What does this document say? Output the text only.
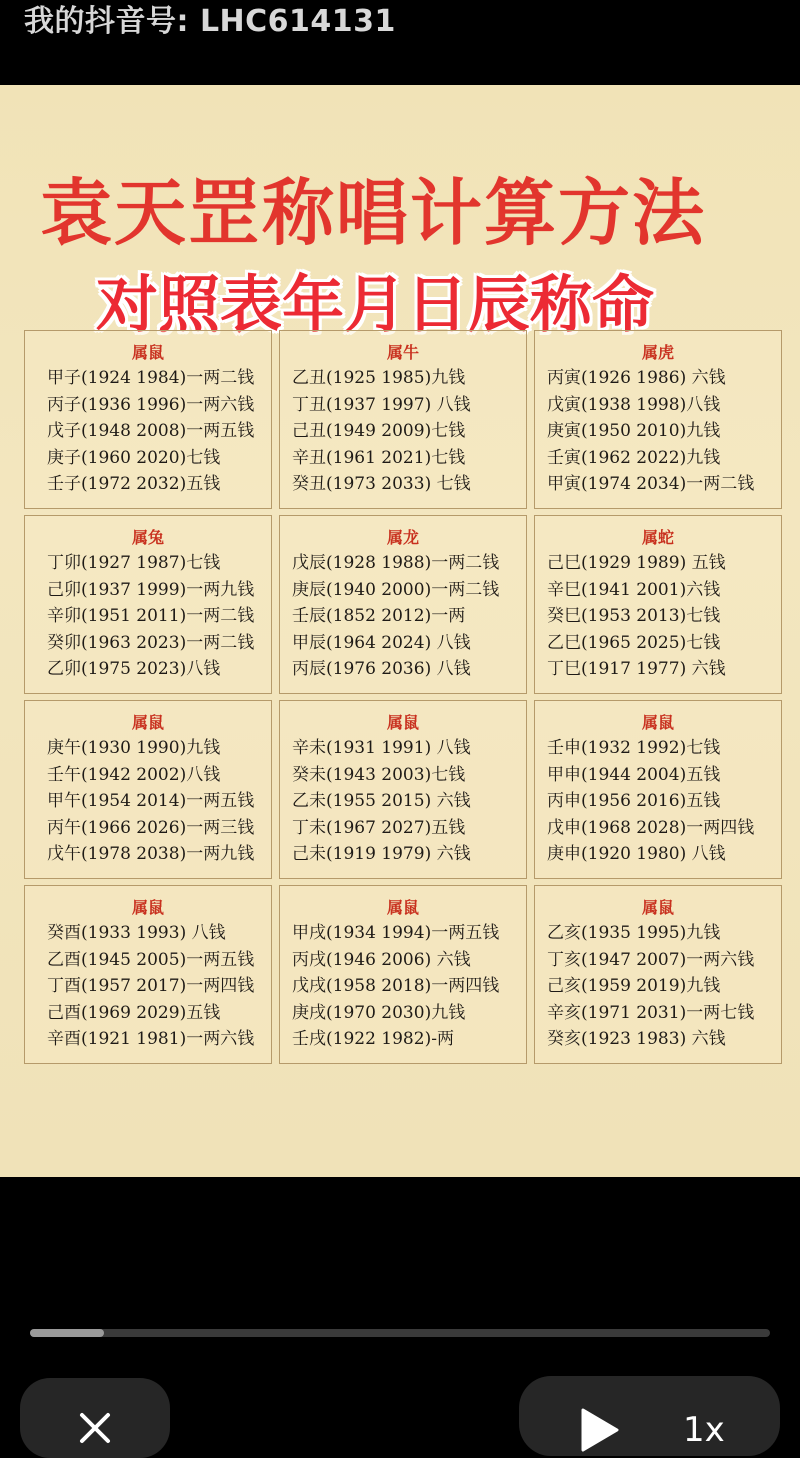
我的抖音号: LHC614131
袁天罡称唱计算方法
对照表年月日辰称命
属鼠
甲子(1924 1984)一两二钱
丙子(1936 1996)一两六钱
戊子(1948 2008)一两五钱
庚子(1960 2020)七钱
壬子(1972 2032)五钱
属牛
乙丑(1925 1985)九钱
丁丑(1937 1997) 八钱
己丑(1949 2009)七钱
辛丑(1961 2021)七钱
癸丑(1973 2033) 七钱
属虎
丙寅(1926 1986) 六钱
戊寅(1938 1998)八钱
庚寅(1950 2010)九钱
壬寅(1962 2022)九钱
甲寅(1974 2034)一两二钱
属兔
丁卯(1927 1987)七钱
己卯(1937 1999)一两九钱
辛卯(1951 2011)一两二钱
癸卯(1963 2023)一两二钱
乙卯(1975 2023)八钱
属龙
戊辰(1928 1988)一两二钱
庚辰(1940 2000)一两二钱
壬辰(1852 2012)一两
甲辰(1964 2024) 八钱
丙辰(1976 2036) 八钱
属蛇
己巳(1929 1989) 五钱
辛巳(1941 2001)六钱
癸巳(1953 2013)七钱
乙巳(1965 2025)七钱
丁巳(1917 1977) 六钱
属鼠
庚午(1930 1990)九钱
壬午(1942 2002)八钱
甲午(1954 2014)一两五钱
丙午(1966 2026)一两三钱
戊午(1978 2038)一两九钱
属鼠
辛未(1931 1991) 八钱
癸未(1943 2003)七钱
乙未(1955 2015) 六钱
丁未(1967 2027)五钱
己未(1919 1979) 六钱
属鼠
壬申(1932 1992)七钱
甲申(1944 2004)五钱
丙申(1956 2016)五钱
戊申(1968 2028)一两四钱
庚申(1920 1980) 八钱
属鼠
癸酉(1933 1993) 八钱
乙酉(1945 2005)一两五钱
丁酉(1957 2017)一两四钱
己酉(1969 2029)五钱
辛酉(1921 1981)一两六钱
属鼠
甲戌(1934 1994)一两五钱
丙戌(1946 2006) 六钱
戊戌(1958 2018)一两四钱
庚戌(1970 2030)九钱
壬戌(1922 1982)-两
属鼠
乙亥(1935 1995)九钱
丁亥(1947 2007)一两六钱
己亥(1959 2019)九钱
辛亥(1971 2031)一两七钱
癸亥(1923 1983) 六钱
1x
